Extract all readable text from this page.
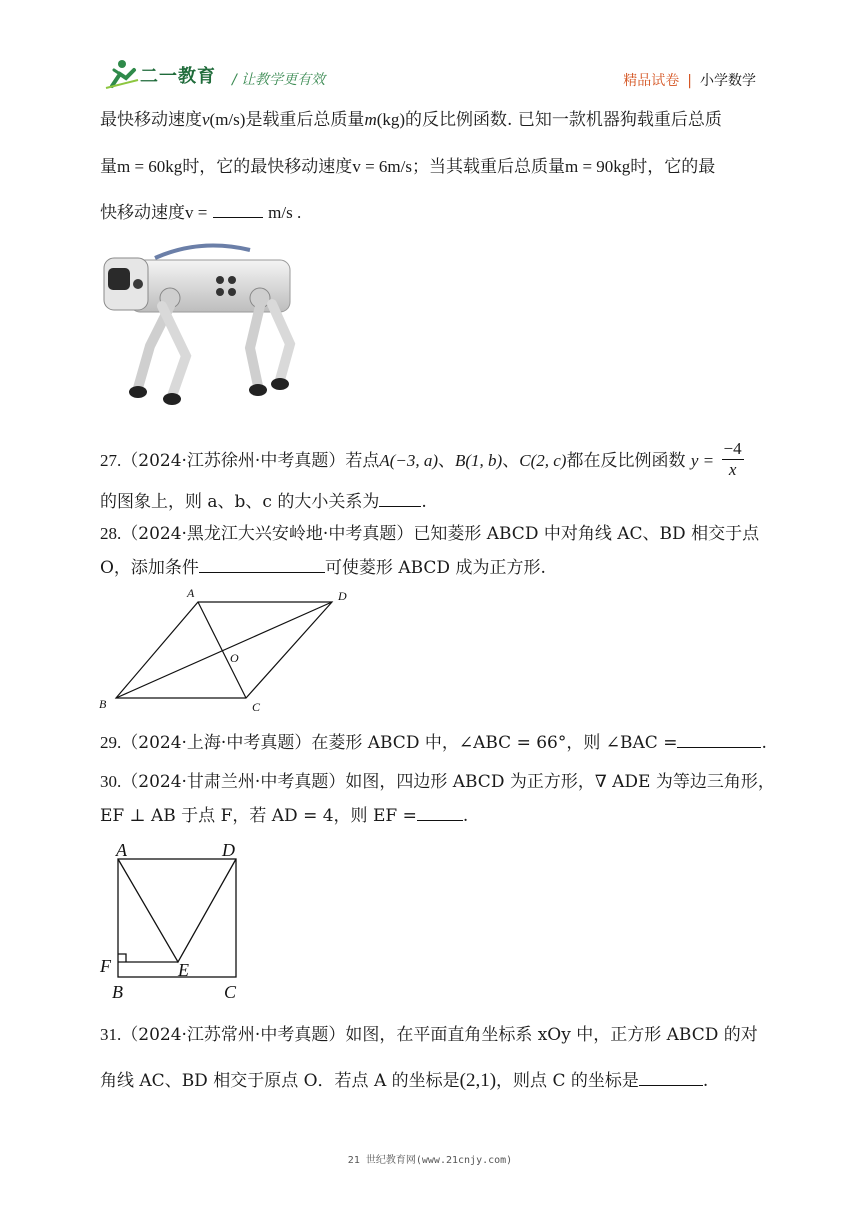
二一教育 / 让教学更有效	精品试卷 | 小学数学
最快移动速度v(m/s)是载重后总质量m(kg)的反比例函数. 已知一款机器狗载重后总质
量m = 60kg时，它的最快移动速度v = 6m/s；当其载重后总质量m = 90kg时，它的最
快移动速度v =	m/s .
27.（2024·江苏徐州·中考真题）若点A(−3, a)、B(1, b)、C(2, c)都在反比例函数 $y = \frac{-4}{x}$
的图象上，则 a、b、c 的大小关系为 .
28.（2024·黑龙江大兴安岭地·中考真题）已知菱形 ABCD 中对角线 AC、BD 相交于点
O，添加条件	可使菱形 ABCD 成为正方形.
A	D
O
B	C
29.（2024·上海·中考真题）在菱形 ABCD 中，∠ABC = 66°，则 ∠BAC =	.
30.（2024·甘肃兰州·中考真题）如图，四边形 ABCD 为正方形，∇ ADE 为等边三角形，
EF ⊥ AB 于点 F，若 AD = 4，则 EF =	.
A	D
F	E
B	C
31.（2024·江苏常州·中考真题）如图，在平面直角坐标系 xOy 中，正方形 ABCD 的对
角线 AC、BD 相交于原点 O．若点 A 的坐标是(2,1)，则点 C 的坐标是	.
21 世纪教育网(www.21cnjy.com)
